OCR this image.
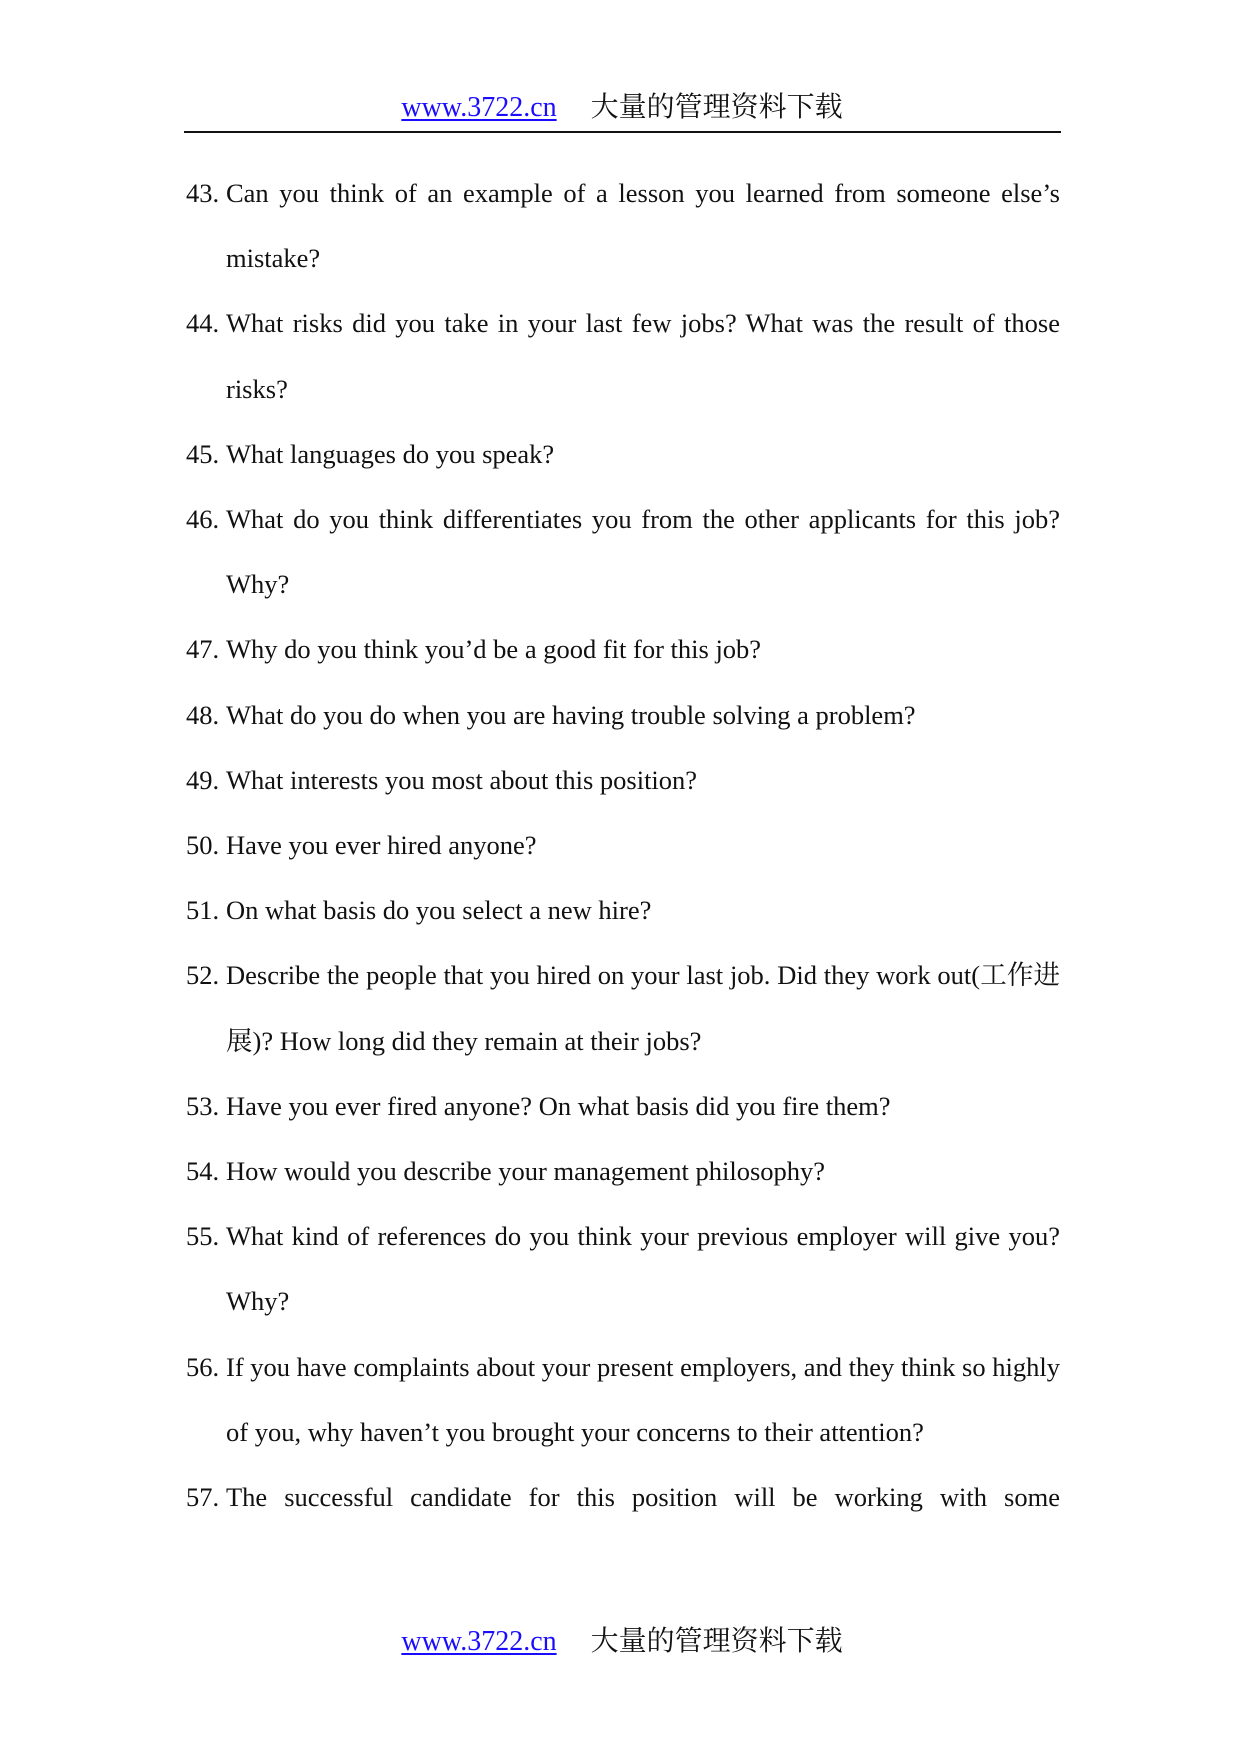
www.3722.cn 大量的管理资料下载
43. Can you think of an example of a lesson you learned from someone else’s mistake?
44. What risks did you take in your last few jobs? What was the result of those risks?
45. What languages do you speak?
46. What do you think differentiates you from the other applicants for this job? Why?
47. Why do you think you’d be a good fit for this job?
48. What do you do when you are having trouble solving a problem?
49. What interests you most about this position?
50. Have you ever hired anyone?
51. On what basis do you select a new hire?
52. Describe the people that you hired on your last job. Did they work out(工作进展)? How long did they remain at their jobs?
53. Have you ever fired anyone? On what basis did you fire them?
54. How would you describe your management philosophy?
55. What kind of references do you think your previous employer will give you? Why?
56. If you have complaints about your present employers, and they think so highly of you, why haven’t you brought your concerns to their attention?
57. The successful candidate for this position will be working with some
www.3722.cn 大量的管理资料下载
